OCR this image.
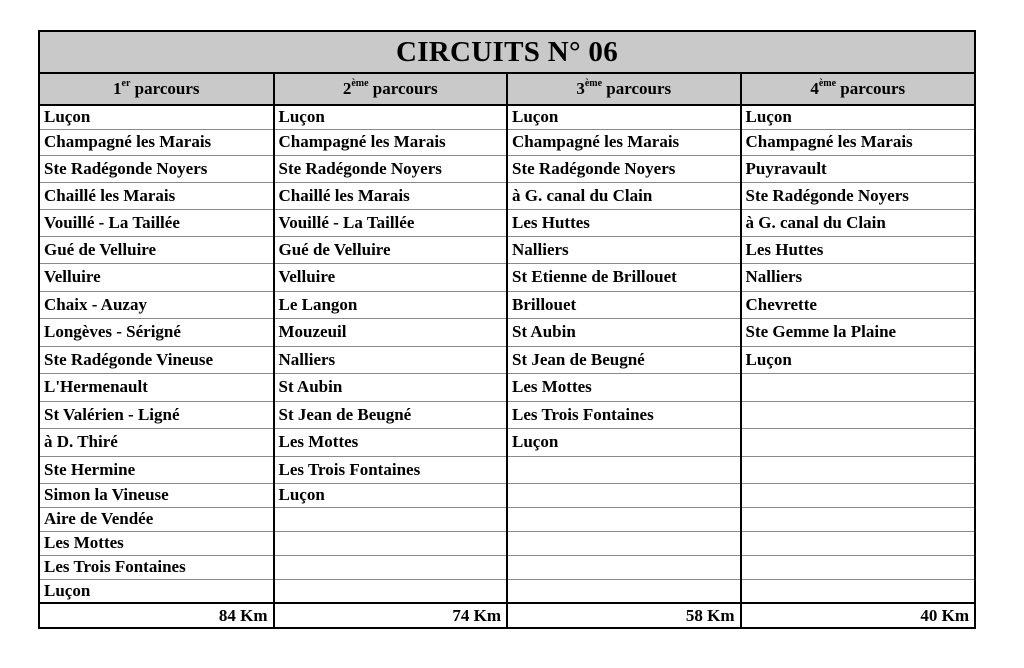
CIRCUITS N° 06
1er parcours	2ème parcours	3ème parcours	4ème parcours
Luçon	Luçon	Luçon	Luçon
Champagné les Marais	Champagné les Marais	Champagné les Marais	Champagné les Marais
Ste Radégonde Noyers	Ste Radégonde Noyers	Ste Radégonde Noyers	Puyravault
Chaillé les Marais	Chaillé les Marais	à G. canal du Clain	Ste Radégonde Noyers
Vouillé - La Taillée	Vouillé - La Taillée	Les Huttes	à G. canal du Clain
Gué de Velluire	Gué de Velluire	Nalliers	Les Huttes
Velluire	Velluire	St Etienne de Brillouet	Nalliers
Chaix - Auzay	Le Langon	Brillouet	Chevrette
Longèves - Sérigné	Mouzeuil	St Aubin	Ste Gemme la Plaine
Ste Radégonde Vineuse	Nalliers	St Jean de Beugné	Luçon
L'Hermenault	St Aubin	Les Mottes	
St Valérien - Ligné	St Jean de Beugné	Les Trois Fontaines	
à D. Thiré	Les Mottes	Luçon	
Ste Hermine	Les Trois Fontaines		
Simon la Vineuse	Luçon		
Aire de Vendée			
Les Mottes			
Les Trois Fontaines			
Luçon			
84 Km	74 Km	58 Km	40 Km
